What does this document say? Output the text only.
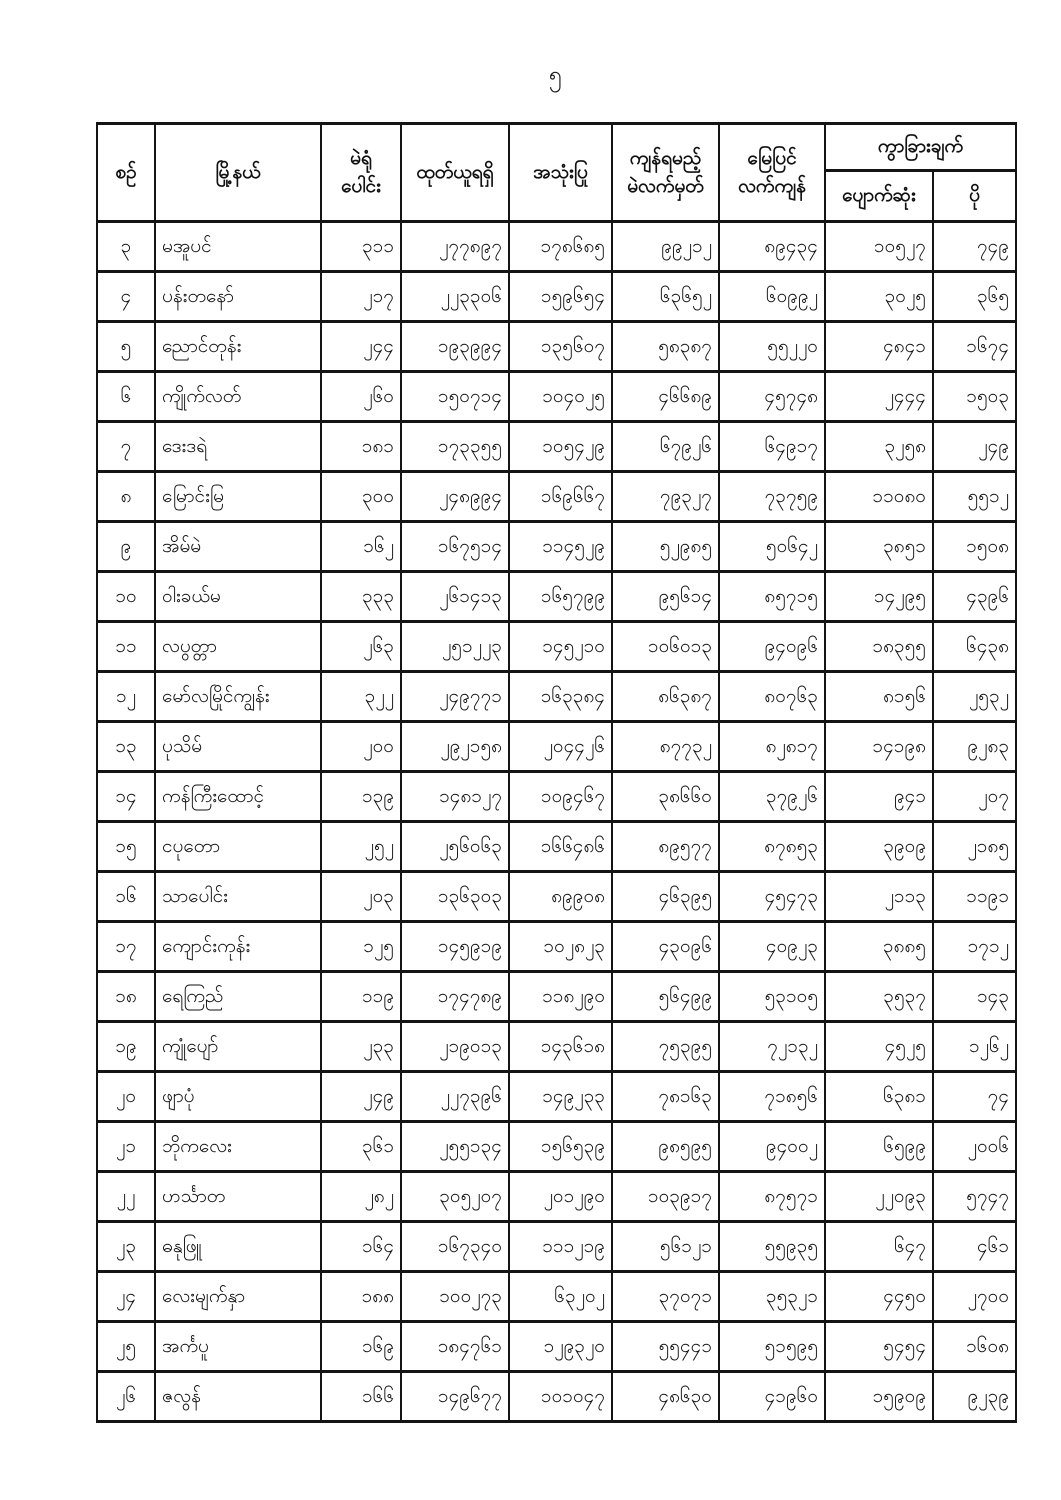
၅
စဉ်	မြို့နယ်	
မဲရုံ
ပေါင်း
	ထုတ်ယူရရှိ	အသုံးပြု	
ကျန်ရမည့်
မဲလက်မှတ်

မြေပြင်
လက်ကျန်
	ကွာခြားချက်
							ပျောက်ဆုံး	ပို
၃	မအူပင်	၃၁၁	၂၇၇၈၉၇	၁၇၈၆၈၅	၉၉၂၁၂	၈၉၄၃၄	၁၀၅၂၇	၇၄၉
၄	ပန်းတနော်	၂၁၇	၂၂၃၃၀၆	၁၅၉၆၅၄	၆၃၆၅၂	၆၀၉၉၂	၃၀၂၅	၃၆၅
၅	ညောင်တုန်း	၂၄၄	၁၉၃၉၉၄	၁၃၅၆၀၇	၅၈၃၈၇	၅၅၂၂၀	၄၈၄၁	၁၆၇၄
၆	ကျိုက်လတ်	၂၆၀	၁၅၀၇၁၄	၁၀၄၀၂၅	၄၆၆၈၉	၄၅၇၄၈	၂၄၄၄	၁၅၀၃
၇	ဒေးဒရဲ	၁၈၁	၁၇၃၃၅၅	၁၀၅၄၂၉	၆၇၉၂၆	၆၄၉၁၇	၃၂၅၈	၂၄၉
၈	မြောင်းမြ	၃၀၀	၂၄၈၉၉၄	၁၆၉၆၆၇	၇၉၃၂၇	၇၃၇၅၉	၁၁၀၈၀	၅၅၁၂
၉	အိမ်မဲ	၁၆၂	၁၆၇၅၁၄	၁၁၄၅၂၉	၅၂၉၈၅	၅၀၆၄၂	၃၈၅၁	၁၅၀၈
၁၀	ဝါးခယ်မ	၃၃၃	၂၆၁၄၁၃	၁၆၅၇၉၉	၉၅၆၁၄	၈၅၇၁၅	၁၄၂၉၅	၄၃၉၆
၁၁	လပွတ္တာ	၂၆၃	၂၅၁၂၂၃	၁၄၅၂၁၀	၁၀၆၀၁၃	၉၄၀၉၆	၁၈၃၅၅	၆၄၃၈
၁၂	မော်လမြိုင်ကျွန်း	၃၂၂	၂၄၉၇၇၁	၁၆၃၃၈၄	၈၆၃၈၇	၈၀၇၆၃	၈၁၅၆	၂၅၃၂
၁၃	ပုသိမ်	၂၀၀	၂၉၂၁၅၈	၂၀၄၄၂၆	၈၇၇၃၂	၈၂၈၁၇	၁၄၁၉၈	၉၂၈၃
၁၄	ကန်ကြီးထောင့်	၁၃၉	၁၄၈၁၂၇	၁၀၉၄၆၇	၃၈၆၆၀	၃၇၉၂၆	၉၄၁	၂၀၇
၁၅	ငပုတော	၂၅၂	၂၅၆၀၆၃	၁၆၆၄၈၆	၈၉၅၇၇	၈၇၈၅၃	၃၉၀၉	၂၁၈၅
၁၆	သာပေါင်း	၂၀၃	၁၃၆၃၀၃	၈၉၉၀၈	၄၆၃၉၅	၄၅၄၇၃	၂၁၁၃	၁၁၉၁
၁၇	ကျောင်းကုန်း	၁၂၅	၁၄၅၉၁၉	၁၀၂၈၂၃	၄၃၀၉၆	၄၀၉၂၃	၃၈၈၅	၁၇၁၂
၁၈	ရေကြည်	၁၁၉	၁၇၄၇၈၉	၁၁၈၂၉၀	၅၆၄၉၉	၅၃၁၀၅	၃၅၃၇	၁၄၃
၁၉	ကျုံပျော်	၂၃၃	၂၁၉၀၁၃	၁၄၃၆၁၈	၇၅၃၉၅	၇၂၁၃၂	၄၅၂၅	၁၂၆၂
၂၀	ဖျာပုံ	၂၄၉	၂၂၇၃၉၆	၁၄၉၂၃၃	၇၈၁၆၃	၇၁၈၅၆	၆၃၈၁	၇၄
၂၁	ဘိုကလေး	၃၆၁	၂၅၅၁၃၄	၁၅၆၅၃၉	၉၈၅၉၅	၉၄၀၀၂	၆၅၉၉	၂၀၀၆
၂၂	ဟင်္သာတ	၂၈၂	၃၀၅၂၀၇	၂၀၁၂၉၀	၁၀၃၉၁၇	၈၇၅၇၁	၂၂၀၉၃	၅၇၄၇
၂၃	ဓနုဖြူ	၁၆၄	၁၆၇၃၄၀	၁၁၁၂၁၉	၅၆၁၂၁	၅၅၉၃၅	၆၄၇	၄၆၁
၂၄	လေးမျက်နှာ	၁၈၈	၁၀၀၂၇၃	၆၃၂၀၂	၃၇၀၇၁	၃၅၃၂၁	၄၄၅၀	၂၇၀၀
၂၅	အင်္ကပူ	၁၆၉	၁၈၄၇၆၁	၁၂၉၃၂၀	၅၅၄၄၁	၅၁၅၉၅	၅၄၅၄	၁၆၀၈
၂၆	ဇလွန်	၁၆၆	၁၄၉၆၇၇	၁၀၁၀၄၇	၄၈၆၃၀	၄၁၉၆၀	၁၅၉၀၉	၉၂၃၉
